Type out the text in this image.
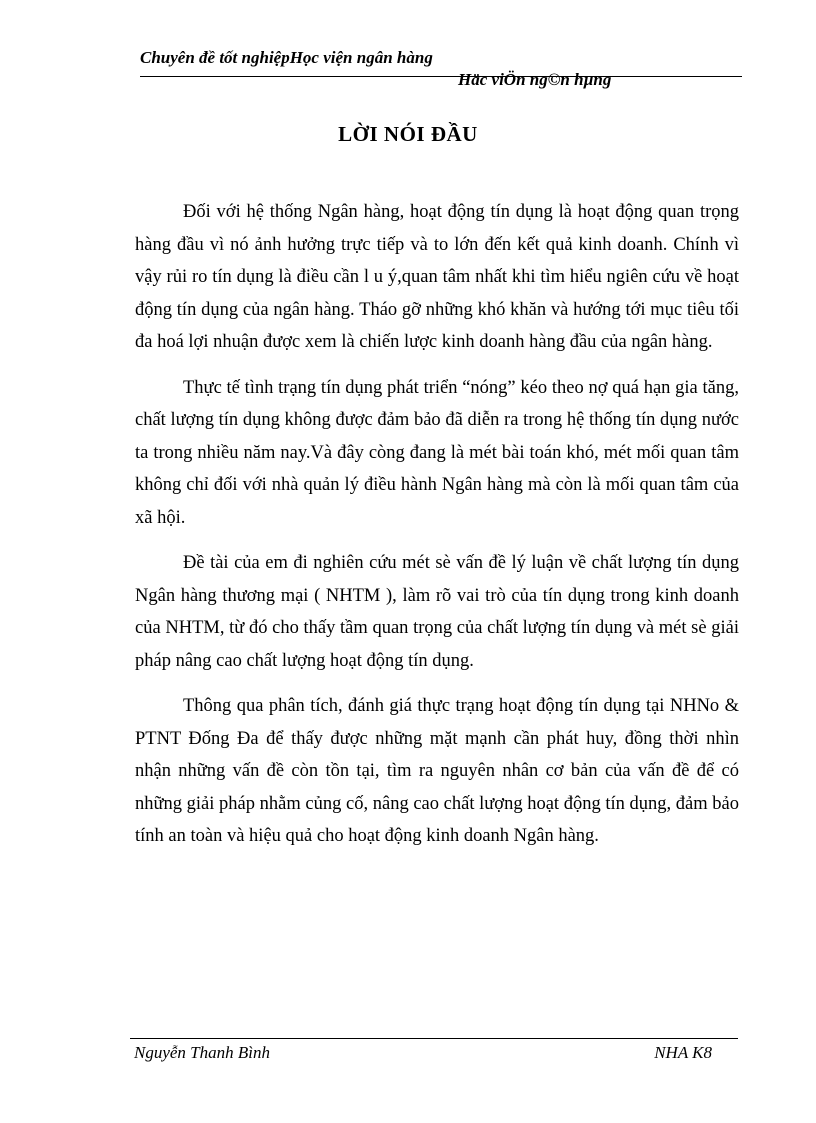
Chuyên đề tốt nghiệpHọc viện ngân hàng
Häc viÖn ng©n hµng
LỜI NÓI ĐẦU

Đối với hệ thống Ngân hàng, hoạt động tín dụng là hoạt động quan trọng hàng đầu vì nó ảnh hưởng trực tiếp và to lớn đến kết quả kinh doanh. Chính vì vậy rủi ro tín dụng là điều cần l u ý,quan tâm nhất khi tìm hiểu ngiên cứu về hoạt động tín dụng của ngân hàng. Tháo gỡ những khó khăn và hướng tới mục tiêu tối đa hoá lợi nhuận được xem là chiến lược kinh doanh hàng đầu của ngân hàng.

Thực tế tình trạng tín dụng phát triển “nóng” kéo theo nợ quá hạn gia tăng, chất lượng tín dụng không được đảm bảo đã diễn ra trong hệ thống tín dụng nước ta trong nhiều năm nay.Và đây còng đang là mét bài toán khó, mét mối quan tâm không chỉ đối với nhà quản lý điều hành Ngân hàng mà còn là mối quan tâm của xã hội.

Đề tài của em đi nghiên cứu mét sè vấn đề lý luận về chất lượng tín dụng Ngân hàng thương mại ( NHTM ), làm rõ vai trò của tín dụng trong kinh doanh của NHTM, từ đó cho thấy tầm quan trọng của chất lượng tín dụng và mét sè giải pháp nâng cao chất lượng hoạt động tín dụng.

Thông qua phân tích, đánh giá thực trạng hoạt động tín dụng tại NHNo & PTNT Đống Đa để thấy được những mặt mạnh cần phát huy, đồng thời nhìn nhận những vấn đề còn tồn tại, tìm ra nguyên nhân cơ bản của vấn đề để có những giải pháp nhằm củng cố, nâng cao chất lượng hoạt động tín dụng, đảm bảo tính an toàn và hiệu quả cho hoạt động kinh doanh Ngân hàng.

Nguyễn Thanh Bình	NHA K8
